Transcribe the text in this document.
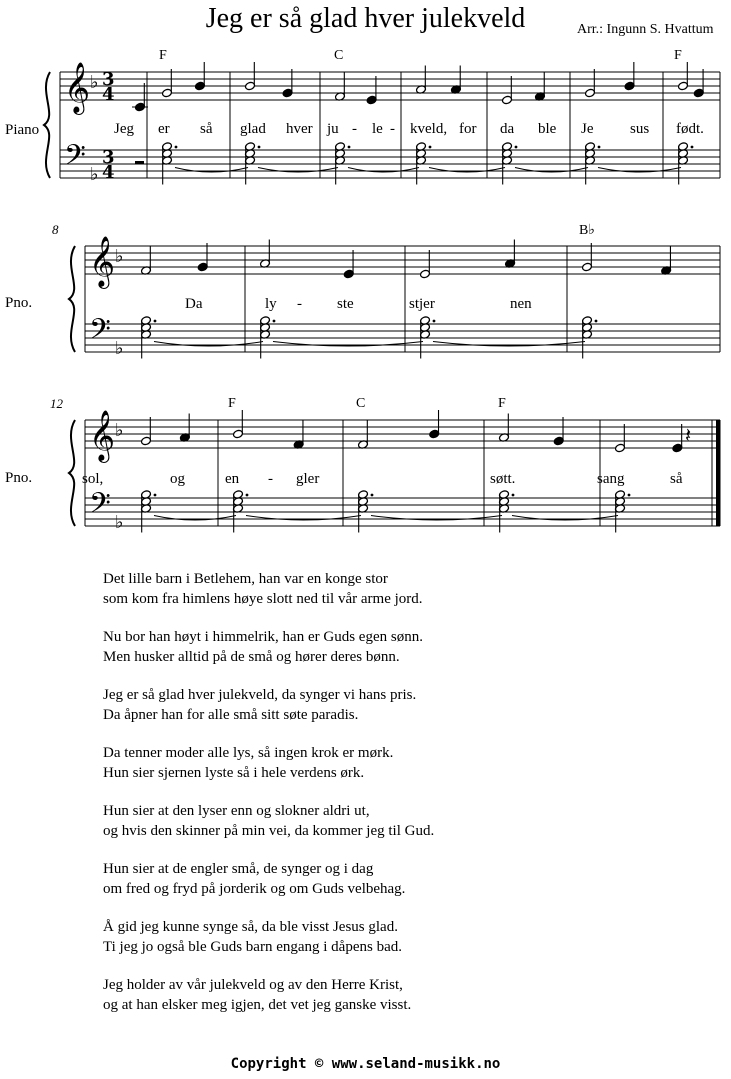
Jeg er så glad hver julekveld	Arr.: Ingunn S. Hvattum
Piano
Pno.
Pno.
8
12
F	C	F
B♭
F	C	F
Jeg er så glad hver ju - le - kveld, for da ble Je sus født.
Da	ly - ste	stjer	nen
sol,	og	en - gler	søtt.	sang	så
𝄞
𝄢
♭
♭
3
4
3
4
𝄞
𝄢
♭
♭
𝄞
𝄢
♭
♭
𝄽
Det lille barn i Betlehem, han var en konge stor
som kom fra himlens høye slott ned til vår arme jord.
Nu bor han høyt i himmelrik, han er Guds egen sønn.
Men husker alltid på de små og hører deres bønn.
Jeg er så glad hver julekveld, da synger vi hans pris.
Da åpner han for alle små sitt søte paradis.
Da tenner moder alle lys, så ingen krok er mørk.
Hun sier sjernen lyste så i hele verdens ørk.
Hun sier at den lyser enn og slokner aldri ut,
og hvis den skinner på min vei, da kommer jeg til Gud.
Hun sier at de engler små, de synger og i dag
om fred og fryd på jorderik og om Guds velbehag.
Å gid jeg kunne synge så, da ble visst Jesus glad.
Ti jeg jo også ble Guds barn engang i dåpens bad.
Jeg holder av vår julekveld og av den Herre Krist,
og at han elsker meg igjen, det vet jeg ganske visst.
Copyright © www.seland-musikk.no
